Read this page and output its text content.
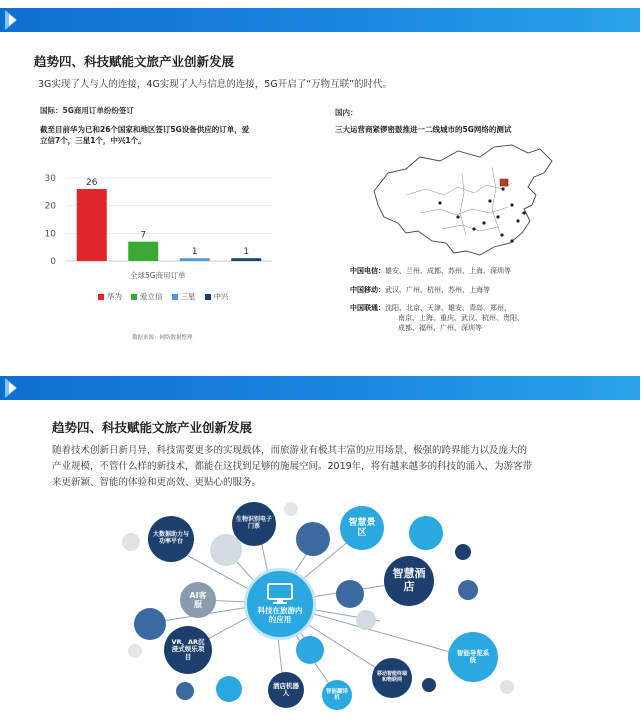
趋势四、科技赋能文旅产业创新发展
3G实现了人与人的连接，4G实现了人与信息的连接，5G开启了“万物互联”的时代。
国际：5G商用订单纷纷签订
截至目前华为已和26个国家和地区签订5G设备供应的订单，爱
立信7个，三星1个，中兴1个。
0
10
20
30	26
7
1	1
全球5G商用订单
华为 爱立信 三星 中兴
数据来源：网络数据整理
国内：
三大运营商紧锣密鼓推进一二线城市的5G网络的测试
中国电信：雄安、兰州、成都、苏州、上海、深圳等
中国移动：武汉、广州、杭州、苏州、上海等
中国联通：沈阳、北京、天津、雄安、青岛、郑州、
南京、上海、重庆、武汉、杭州、贵阳、
成都、福州、广州、深圳等
趋势四、科技赋能文旅产业创新发展
随着技术创新日新月异，科技需要更多的实现载体，而旅游业有极其丰富的应用场景、极强的跨界能力以及庞大的
产业规模，不管什么样的新技术，都能在这找到足够的施展空间。2019年，将有越来越多的科技的涌入，为游客带
来更新颖、智能的体验和更高效、更贴心的服务。
大数据助力与功率平台
生物识别电子门票	智慧景区
智慧酒店
AI客服
VR、AR沉浸式娱乐项目
酒店机器人	智能翻译机
移动智能终端和物联网
智能导览系统
科技在旅游内的应用
